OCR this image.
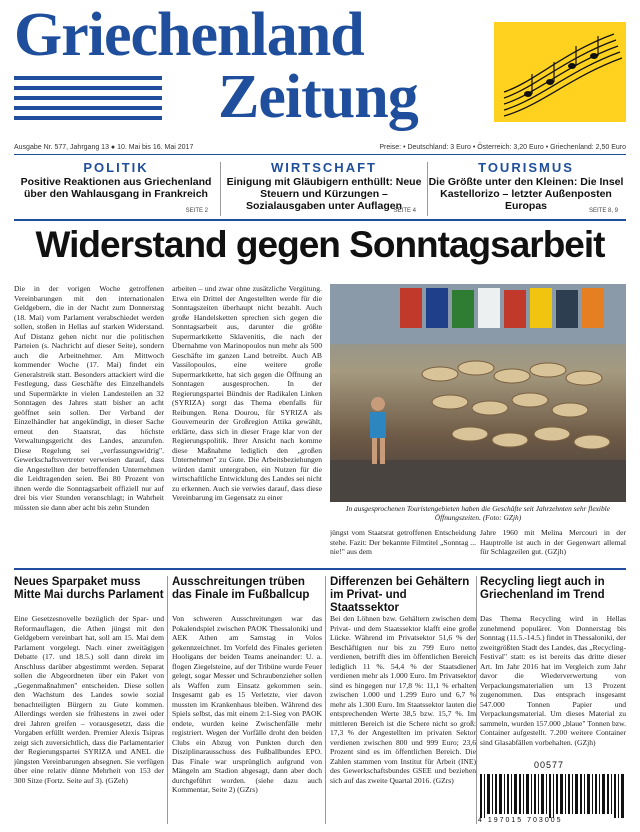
Griechenland
Zeitung
Ausgabe Nr. 577, Jahrgang 13 ● 10. Mai bis 16. Mai 2017	Preise: • Deutschland: 3 Euro • Österreich: 3,20 Euro • Griechenland: 2,50 Euro
POLITIK

Positive Reaktionen aus Griechenland über den Wahlausgang in Frankreich

SEITE 2
WIRTSCHAFT

Einigung mit Gläubigern enthüllt: Neue Steuern und Kürzungen – Sozialausgaben unter Auflagen

SEITE 4
TOURISMUS

Die Größte unter den Kleinen: Die Insel Kastellorizo – letzter Außenposten Europas	SEITE 8, 9
Widerstand gegen Sonntagsarbeit
Die in der vorigen Woche getroffenen Vereinbarungen mit den internationalen Geldgebern, die in der Nacht zum Donnerstag (18. Mai) vom Parlament verabschiedet werden sollen, stoßen in Hellas auf starken Widerstand. Auf Distanz gehen nicht nur die politischen Parteien (s. Nachricht auf dieser Seite), sondern auch die Arbeitnehmer. Am Mittwoch kommender Woche (17. Mai) findet ein Generalstreik statt. Besonders attackiert wird die Festlegung, dass Geschäfte des Einzelhandels und Supermärkte in vielen Landesteilen an 32 Sonntagen des Jahres statt bisher an acht geöffnet sein sollen. Der Verband der Einzelhändler hat angekündigt, in dieser Sache erneut den Staatsrat, das höchste Verwaltungsgericht des Landes, anzurufen. Diese Regelung sei „verfassungswidrig". Gewerkschaftsvertreter verweisen darauf, dass die Angestellten der betreffenden Unternehmen die Leidtragenden seien. Bei 80 Prozent von ihnen werde die Sonntagsarbeit offiziell nur auf drei bis vier Stunden veranschlagt; in Wahrheit müssten sie dann aber acht bis zehn Stunden
arbeiten – und zwar ohne zusätzliche Vergütung. Etwa ein Drittel der Angestellten werde für die Sonntagszeiten überhaupt nicht bezahlt. Auch große Handelsketten sprechen sich gegen die Sonntagsarbeit aus, darunter die größte Supermarktkette Sklavenitis, die nach der Übernahme von Marinopoulos nun mehr als 500 Geschäfte im ganzen Land betreibt. Auch AB Vassilopoulos, eine weitere große Supermarktkette, hat sich gegen die Öffnung an Sonntagen ausgesprochen. In der Regierungspartei Bündnis der Radikalen Linken (SYRIZA) sorgt das Thema ebenfalls für Reibungen. Rena Dourou, für SYRIZA als Gouverneurin der Großregion Attika gewählt, erklärte, dass sich in dieser Frage klar von der Regierungspolitik. Ihrer Ansicht nach komme diese Maßnahme lediglich den „großen Unternehmen" zu Gute. Die Arbeitsbeziehungen würden damit untergraben, ein Nutzen für die wirtschaftliche Entwicklung des Landes sei nicht zu erkennen. Auch sie verwies darauf, dass diese Vereinbarung im Gegensatz zu einer
In ausgesprochenen Touristengebieten haben die Geschäfte seit Jahrzehnten sehr flexible Öffnungszeiten. (Foto: GZjh)
jüngst vom Staatsrat getroffenen Entscheidung stehe. Fazit: Der bekannte Filmtitel „Sonntag ... nie!" aus dem
Jahre 1960 mit Melina Mercouri in der Hauptrolle ist auch in der Gegenwart allemal für Schlagzeilen gut. (GZjh)
Neues Sparpaket muss Mitte Mai durchs Parlament
Eine Gesetzesnovelle bezüglich der Spar- und Reformauflagen, die Athen jüngst mit den Geldgebern vereinbart hat, soll am 15. Mai dem Parlament vorgelegt. Nach einer zweitägigen Debatte (17. und 18.5.) soll dann direkt im Anschluss darüber abgestimmt werden. Separat sollen die Abgeordneten über ein Paket von „Gegenmaßnahmen" entscheiden. Diese sollen den Wachstum des Landes sowie sozial benachteiligten Bürgern zu Gute kommen. Allerdings werden sie frühestens in zwei oder drei Jahren greifen – vorausgesetzt, dass die Vorgaben erfüllt werden. Premier Alexis Tsipras zeigt sich zuversichtlich, dass die Parlamentarier der Regierungspartei SYRIZA und ANEL die jüngsten Vereinbarungen absegnen. Sie verfügen über eine relativ dünne Mehrheit von 153 der 300 Sitze (Fortz. Seite auf 3). (GZeh)
Ausschreitungen trüben das Finale im Fußballcup
Von schweren Ausschreitungen war das Pokalendspiel zwischen PAOK Thessaloniki und AEK Athen am Samstag in Volos gekennzeichnet. Im Vorfeld des Finales gerieten Hooligans der beiden Teams aneinander: U. a. flogen Ziegelsteine, auf der Tribüne wurde Feuer gelegt, sogar Messer und Schraubenzieher sollen als Waffen zum Einsatz gekommen sein. Insgesamt gab es 15 Verletzte, vier davon mussten im Krankenhaus bleiben. Während des Spiels selbst, das mit einem 2:1-Sieg von PAOK endete, wurden keine Zwischenfälle mehr registriert. Wegen der Vorfälle droht den beiden Clubs ein Abzug von Punkten durch den Disziplinarausschuss des Fußballbundes EPO. Das Finale war ursprünglich aufgrund von Mängeln am Stadion abgesagt, dann aber doch durchgeführt worden. (siehe dazu auch Kommentar, Seite 2) (GZrs)
Differenzen bei Gehältern im Privat- und Staatssektor
Bei den Löhnen bzw. Gehältern zwischen dem Privat- und dem Staatssektor klafft eine große Lücke. Während im Privatsektor 51,6 % der Beschäftigten nur bis zu 799 Euro netto verdienen, betrifft dies im öffentlichen Bereich lediglich 11 %. 54,4 % der Staatsdiener verdienen mehr als 1.000 Euro. Im Privatsektor sind es hingegen nur 17,8 %: 11,1 % erhalten zwischen 1.000 und 1.299 Euro und 6,7 % mehr als 1.300 Euro. Im Staatssektor lauten die entsprechenden Werte 38,5 bzw. 15,7 %. Im mittleren Bereich ist die Schere nicht so groß: 17,3 % der Angestellten im privaten Sektor verdienen zwischen 800 und 999 Euro; 23,6 Prozent sind es im öffentlichen Bereich. Die Zahlen stammen vom Institut für Arbeit (INE) des Gewerkschaftsbundes GSEE und beziehen sich auf das zweite Quartal 2016. (GZrs)
Recycling liegt auch in Griechenland im Trend
Das Thema Recycling wird in Hellas zunehmend populärer. Von Donnerstag bis Sonntag (11.5.-14.5.) findet in Thessaloniki, der zweitgrößten Stadt des Landes, das „Recycling-Festival" statt: es ist bereits das dritte dieser Art. Im Jahr 2016 hat im Vergleich zum Jahr davor die Wiederverwertung von Verpackungsmaterialien um 13 Prozent zugenommen. Das entsprach insgesamt 547.000 Tonnen Papier und Verpackungsmaterial. Um dieses Material zu sammeln, wurden 157.000 „blaue" Tonnen bzw. Container aufgestellt. 7.200 weitere Container sind Glasabfällen vorbehalten. (GZjh)
00577
4 197015 703005
